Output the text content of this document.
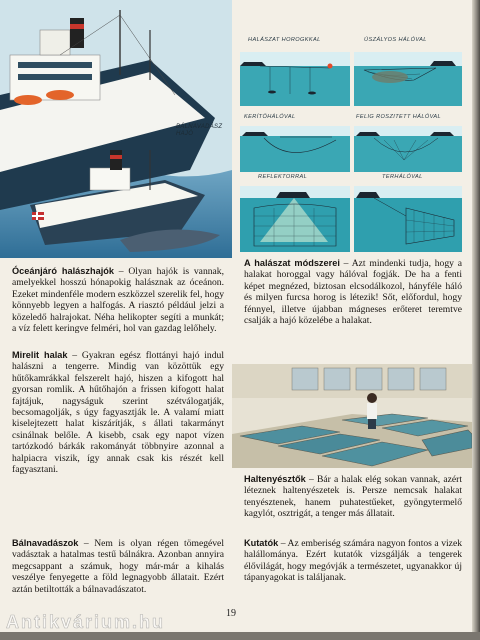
BÁLNAVADÁSZ HAJÓ
HALÁSZAT HOROGKKAL	ÚSZÁLYOS HÁLÓVAL
KERÍTŐHÁLÓVAL	FELIG ROSZITETT HÁLÓVAL
REFLEKTORRAL	TERHÁLÓVAL
Óceánjáró halászhajók – Olyan hajók is vannak, amelyekkel hosszú hónapokig halásznak az óceánon. Ezeket mindenféle modern eszközzel szerelik fel, hogy könnyebb legyen a halfogás. A riasztó például jelzi a közeledő halrajokat. Néha helikopter segíti a munkát; a víz felett keringve felméri, hol van gazdag lelőhely.
Mirelit halak – Gyakran egész flottányi hajó indul halászni a tengerre. Mindig van közöttük egy hűtőkamrákkal felszerelt hajó, hiszen a kifogott hal gyorsan romlik. A hűtőhajón a frissen kifogott halat fajtájuk, nagyságuk szerint szétválogatják, becsomagolják, s úgy fagyasztják le. A valamí miatt kiselejtezett halat kiszárítják, s állati takarmányt csinálnak belőle. A kisebb, csak egy napot vízen tartózkodó bárkák rakományát többnyire azonnal a halpiacra viszik, így annak csak kis részét kell fagyasztani.
Bálnavadászok – Nem is olyan régen tömegével vadásztak a hatalmas testű bálnákra. Azonban annyira megcsappant a számuk, hogy már-már a kihalás veszélye fenyegette a föld legnagyobb állatait. Ezért aztán betiltották a bálnavadászatot.
A halászat módszerei – Azt mindenki tudja, hogy a halakat horoggal vagy hálóval fogják. De ha a fenti képet megnézed, biztosan elcsodálkozol, hányféle háló és milyen furcsa horog is létezik! Sőt, előfordul, hogy fénnyel, illetve újabban mágneses erőteret teremtve csalják a hajó közelébe a halakat.
Haltenyésztők – Bár a halak elég sokan vannak, azért léteznek haltenyészetek is. Persze nemcsak halakat tenyésztenek, hanem puhatestűeket, gyöngytermelő kagylót, osztrigát, a tenger más állatait.
Kutatók – Az emberiség számára nagyon fontos a vizek halállománya. Ezért kutatók vizsgálják a tengerek élővilágát, hogy megóvják a természetet, ugyanakkor új tápanyagokat is találjanak.
19
Antikvárium.hu
